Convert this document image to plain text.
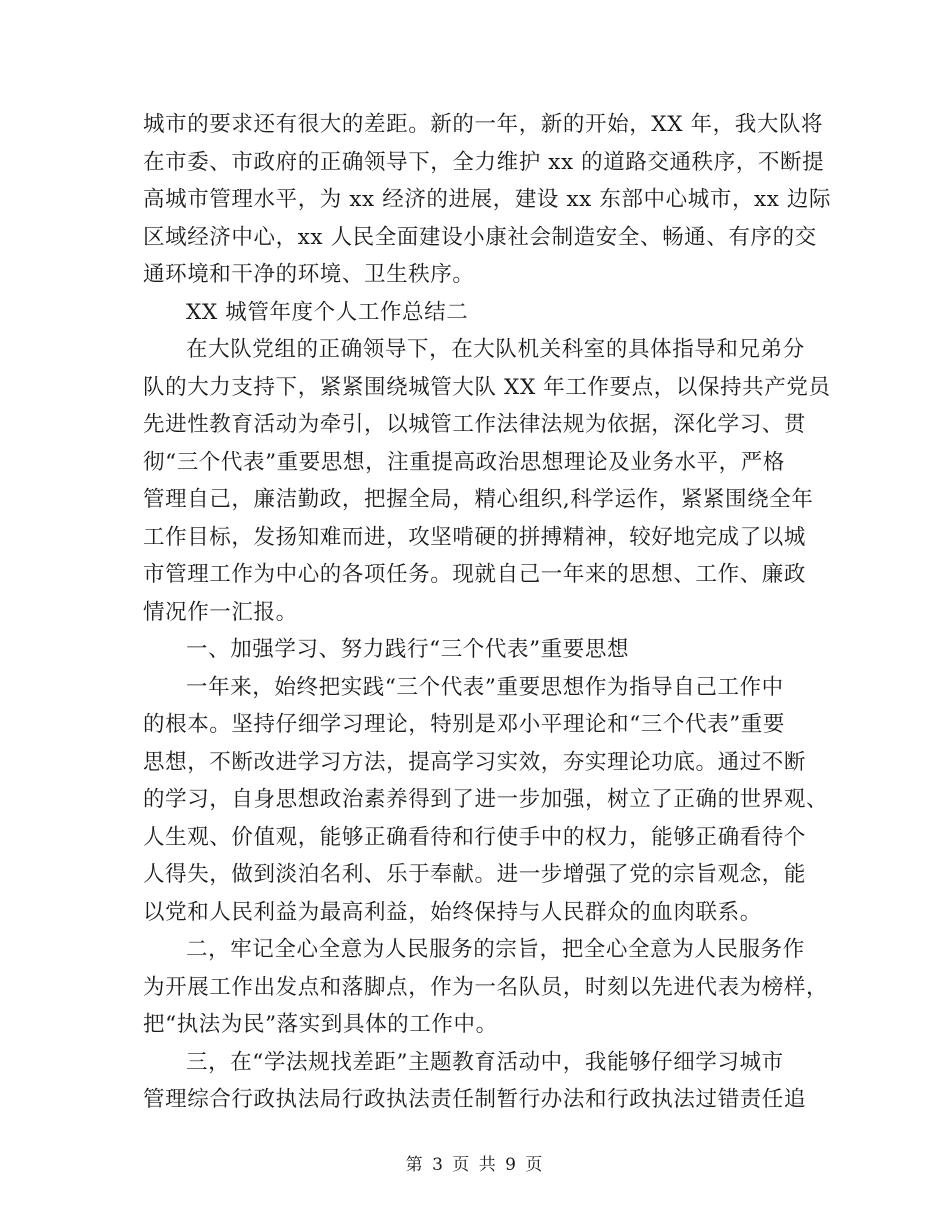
城市的要求还有很大的差距。新的一年，新的开始，XX 年，我大队将
在市委、市政府的正确领导下，全力维护 xx 的道路交通秩序，不断提
高城市管理水平，为 xx 经济的进展，建设 xx 东部中心城市，xx 边际
区域经济中心，xx 人民全面建设小康社会制造安全、畅通、有序的交
通环境和干净的环境、卫生秩序。
XX 城管年度个人工作总结二
在大队党组的正确领导下，在大队机关科室的具体指导和兄弟分
队的大力支持下，紧紧围绕城管大队 XX 年工作要点，以保持共产党员
先进性教育活动为牵引，以城管工作法律法规为依据，深化学习、贯
彻“三个代表”重要思想，注重提高政治思想理论及业务水平，严格
管理自己，廉洁勤政，把握全局，精心组织,科学运作，紧紧围绕全年
工作目标，发扬知难而进，攻坚啃硬的拼搏精神，较好地完成了以城
市管理工作为中心的各项任务。现就自己一年来的思想、工作、廉政
情况作一汇报。
一、加强学习、努力践行“三个代表”重要思想
一年来，始终把实践“三个代表”重要思想作为指导自己工作中
的根本。坚持仔细学习理论，特别是邓小平理论和“三个代表”重要
思想，不断改进学习方法，提高学习实效，夯实理论功底。通过不断
的学习，自身思想政治素养得到了进一步加强，树立了正确的世界观、
人生观、价值观，能够正确看待和行使手中的权力，能够正确看待个
人得失，做到淡泊名利、乐于奉献。进一步增强了党的宗旨观念，能
以党和人民利益为最高利益，始终保持与人民群众的血肉联系。
二，牢记全心全意为人民服务的宗旨，把全心全意为人民服务作
为开展工作出发点和落脚点，作为一名队员，时刻以先进代表为榜样，
把“执法为民”落实到具体的工作中。
三，在“学法规找差距”主题教育活动中，我能够仔细学习城市
管理综合行政执法局行政执法责任制暂行办法和行政执法过错责任追
第 3 页 共 9 页
